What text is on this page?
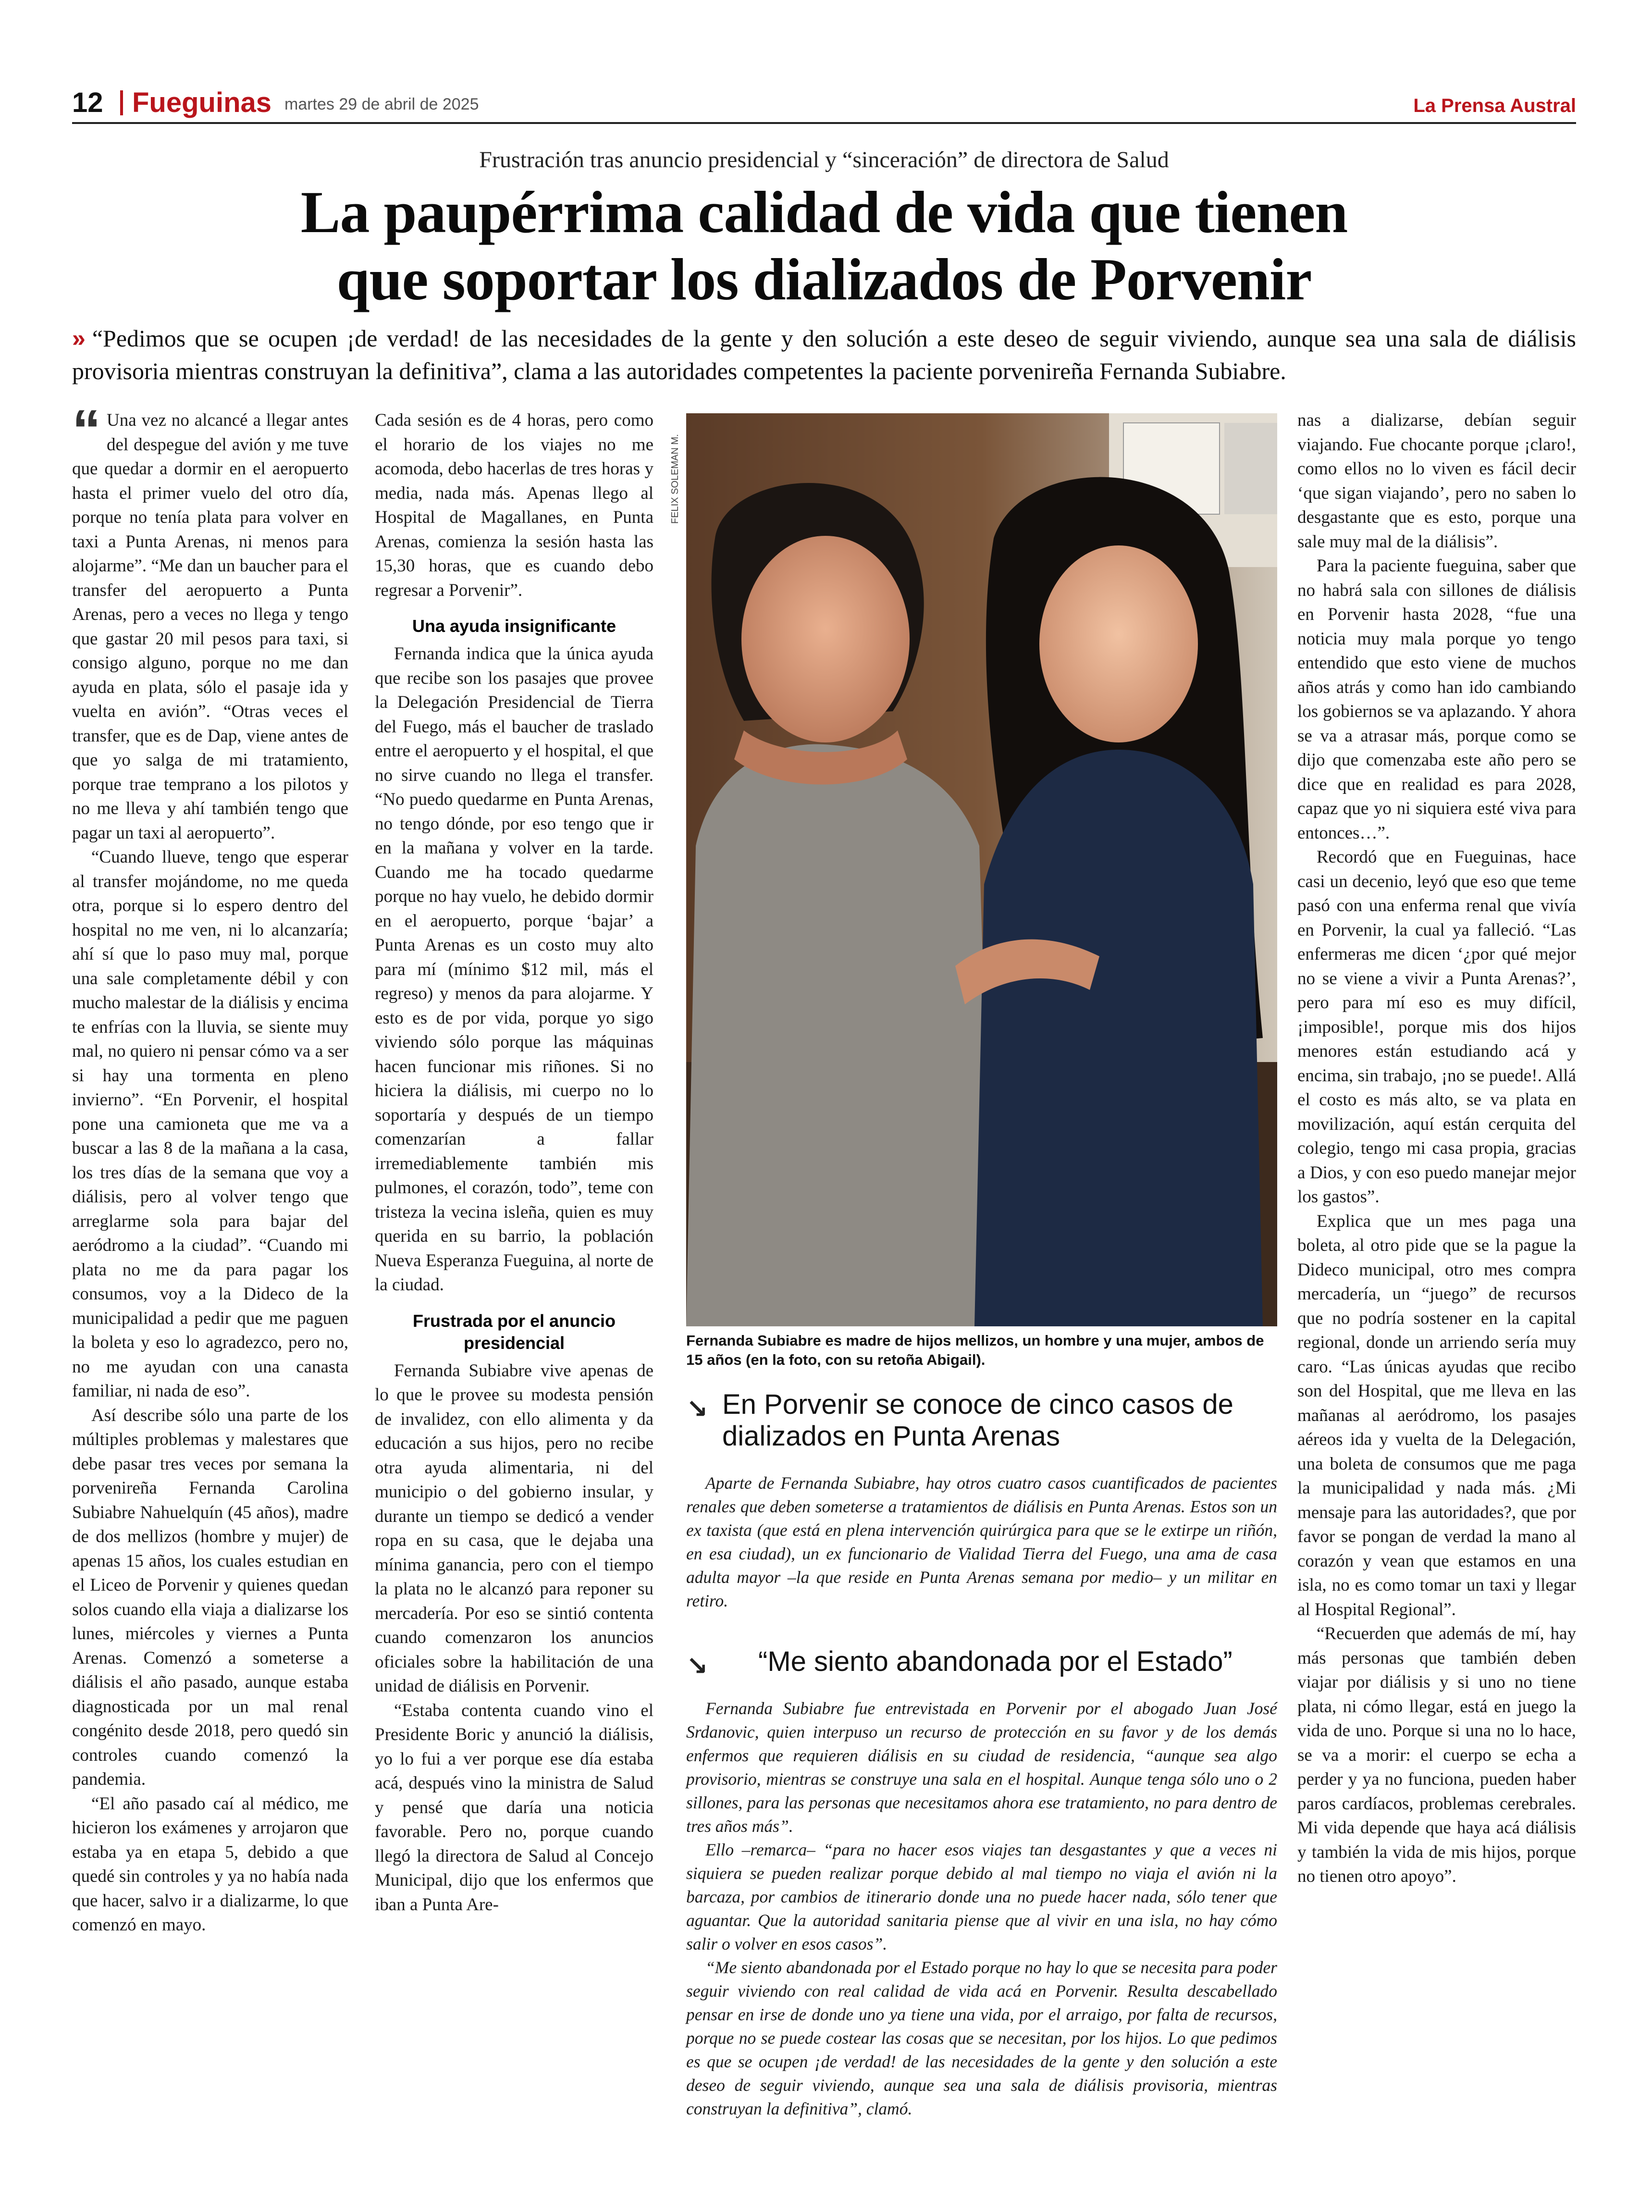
12 Fueguinas martes 29 de abril de 2025	La Prensa Austral
Frustración tras anuncio presidencial y “sinceración” de directora de Salud
La paupérrima calidad de vida que tienen
que soportar los dializados de Porvenir
» “Pedimos que se ocupen ¡de verdad! de las necesidades de la gente y den solución a este deseo de seguir viviendo, aunque sea una sala de diálisis provisoria mientras construyan la definitiva”, clama a las autoridades competentes la paciente porvenireña Fernanda Subiabre.

“ Una vez no alcancé a llegar antes del despegue del avión y me tuve que quedar a dormir en el aeropuerto hasta el primer vuelo del otro día, porque no tenía plata para volver en taxi a Punta Arenas, ni menos para alojarme”. “Me dan un baucher para el transfer del aeropuerto a Punta Arenas, pero a veces no llega y tengo que gastar 20 mil pesos para taxi, si consigo alguno, porque no me dan ayuda en plata, sólo el pasaje ida y vuelta en avión”. “Otras veces el transfer, que es de Dap, viene antes de que yo salga de mi tratamiento, porque trae temprano a los pilotos y no me lleva y ahí también tengo que pagar un taxi al aeropuerto”.

“Cuando llueve, tengo que esperar al transfer mojándome, no me queda otra, porque si lo espero dentro del hospital no me ven, ni lo alcanzaría; ahí sí que lo paso muy mal, porque una sale completamente débil y con mucho malestar de la diálisis y encima te enfrías con la lluvia, se siente muy mal, no quiero ni pensar cómo va a ser si hay una tormenta en pleno invierno”. “En Porvenir, el hospital pone una camioneta que me va a buscar a las 8 de la mañana a la casa, los tres días de la semana que voy a diálisis, pero al volver tengo que arreglarme sola para bajar del aeródromo a la ciudad”. “Cuando mi plata no me da para pagar los consumos, voy a la Dideco de la municipalidad a pedir que me paguen la boleta y eso lo agradezco, pero no, no me ayudan con una canasta familiar, ni nada de eso”.

Así describe sólo una parte de los múltiples problemas y malestares que debe pasar tres veces por semana la porvenireña Fernanda Carolina Subiabre Nahuelquín (45 años), madre de dos mellizos (hombre y mujer) de apenas 15 años, los cuales estudian en el Liceo de Porvenir y quienes quedan solos cuando ella viaja a dializarse los lunes, miércoles y viernes a Punta Arenas. Comenzó a someterse a diálisis el año pasado, aunque estaba diagnosticada por un mal renal congénito desde 2018, pero quedó sin controles cuando comenzó la pandemia.

“El año pasado caí al médico, me hicieron los exámenes y arrojaron que estaba ya en etapa 5, debido a que quedé sin controles y ya no había nada que hacer, salvo ir a dializarme, lo que comenzó en mayo.

Cada sesión es de 4 horas, pero como el horario de los viajes no me acomoda, debo hacerlas de tres horas y media, nada más. Apenas llego al Hospital de Magallanes, en Punta Arenas, comienza la sesión hasta las 15,30 horas, que es cuando debo regresar a Porvenir”.

Una ayuda insignificante

Fernanda indica que la única ayuda que recibe son los pasajes que provee la Delegación Presidencial de Tierra del Fuego, más el baucher de traslado entre el aeropuerto y el hospital, el que no sirve cuando no llega el transfer. “No puedo quedarme en Punta Arenas, no tengo dónde, por eso tengo que ir en la mañana y volver en la tarde. Cuando me ha tocado quedarme porque no hay vuelo, he debido dormir en el aeropuerto, porque ‘bajar’ a Punta Arenas es un costo muy alto para mí (mínimo $12 mil, más el regreso) y menos da para alojarme. Y esto es de por vida, porque yo sigo viviendo sólo porque las máquinas hacen funcionar mis riñones. Si no hiciera la diálisis, mi cuerpo no lo soportaría y después de un tiempo comenzarían a fallar irremediablemente también mis pulmones, el corazón, todo”, teme con tristeza la vecina isleña, quien es muy querida en su barrio, la población Nueva Esperanza Fueguina, al norte de la ciudad.

Frustrada por el anuncio presidencial

Fernanda Subiabre vive apenas de lo que le provee su modesta pensión de invalidez, con ello alimenta y da educación a sus hijos, pero no recibe otra ayuda alimentaria, ni del municipio o del gobierno insular, y durante un tiempo se dedicó a vender ropa en su casa, que le dejaba una mínima ganancia, pero con el tiempo la plata no le alcanzó para reponer su mercadería. Por eso se sintió contenta cuando comenzaron los anuncios oficiales sobre la habilitación de una unidad de diálisis en Porvenir.

“Estaba contenta cuando vino el Presidente Boric y anunció la diálisis, yo lo fui a ver porque ese día estaba acá, después vino la ministra de Salud y pensé que daría una noticia favorable. Pero no, porque cuando llegó la directora de Salud al Concejo Municipal, dijo que los enfermos que iban a Punta Are-

FELIX SOLEMAN M.
Fernanda Subiabre es madre de hijos mellizos, un hombre y una mujer, ambos de 15 años (en la foto, con su retoña Abigail).
↘ En Porvenir se conoce de cinco casos de dializados en Punta Arenas

Aparte de Fernanda Subiabre, hay otros cuatro casos cuantificados de pacientes renales que deben someterse a tratamientos de diálisis en Punta Arenas. Estos son un ex taxista (que está en plena intervención quirúrgica para que se le extirpe un riñón, en esa ciudad), un ex funcionario de Vialidad Tierra del Fuego, una ama de casa adulta mayor –la que reside en Punta Arenas semana por medio– y un militar en retiro.

↘	“Me siento abandonada por el Estado”

Fernanda Subiabre fue entrevistada en Porvenir por el abogado Juan José Srdanovic, quien interpuso un recurso de protección en su favor y de los demás enfermos que requieren diálisis en su ciudad de residencia, “aunque sea algo provisorio, mientras se construye una sala en el hospital. Aunque tenga sólo uno o 2 sillones, para las personas que necesitamos ahora ese tratamiento, no para dentro de tres años más”.

Ello –remarca– “para no hacer esos viajes tan desgastantes y que a veces ni siquiera se pueden realizar porque debido al mal tiempo no viaja el avión ni la barcaza, por cambios de itinerario donde una no puede hacer nada, sólo tener que aguantar. Que la autoridad sanitaria piense que al vivir en una isla, no hay cómo salir o volver en esos casos”.

“Me siento abandonada por el Estado porque no hay lo que se necesita para poder seguir viviendo con real calidad de vida acá en Porvenir. Resulta descabellado pensar en irse de donde uno ya tiene una vida, por el arraigo, por falta de recursos, porque no se puede costear las cosas que se necesitan, por los hijos. Lo que pedimos es que se ocupen ¡de verdad! de las necesidades de la gente y den solución a este deseo de seguir viviendo, aunque sea una sala de diálisis provisoria, mientras construyan la definitiva”, clamó.

nas a dializarse, debían seguir viajando. Fue chocante porque ¡claro!, como ellos no lo viven es fácil decir ‘que sigan viajando’, pero no saben lo desgastante que es esto, porque una sale muy mal de la diálisis”.

Para la paciente fueguina, saber que no habrá sala con sillones de diálisis en Porvenir hasta 2028, “fue una noticia muy mala porque yo tengo entendido que esto viene de muchos años atrás y como han ido cambiando los gobiernos se va aplazando. Y ahora se va a atrasar más, porque como se dijo que comenzaba este año pero se dice que en realidad es para 2028, capaz que yo ni siquiera esté viva para entonces…”.

Recordó que en Fueguinas, hace casi un decenio, leyó que eso que teme pasó con una enferma renal que vivía en Porvenir, la cual ya falleció. “Las enfermeras me dicen ‘¿por qué mejor no se viene a vivir a Punta Arenas?’, pero para mí eso es muy difícil, ¡imposible!, porque mis dos hijos menores están estudiando acá y encima, sin trabajo, ¡no se puede!. Allá el costo es más alto, se va plata en movilización, aquí están cerquita del colegio, tengo mi casa propia, gracias a Dios, y con eso puedo manejar mejor los gastos”.

Explica que un mes paga una boleta, al otro pide que se la pague la Dideco municipal, otro mes compra mercadería, un “juego” de recursos que no podría sostener en la capital regional, donde un arriendo sería muy caro. “Las únicas ayudas que recibo son del Hospital, que me lleva en las mañanas al aeródromo, los pasajes aéreos ida y vuelta de la Delegación, una boleta de consumos que me paga la municipalidad y nada más. ¿Mi mensaje para las autoridades?, que por favor se pongan de verdad la mano al corazón y vean que estamos en una isla, no es como tomar un taxi y llegar al Hospital Regional”.

“Recuerden que además de mí, hay más personas que también deben viajar por diálisis y si uno no tiene plata, ni cómo llegar, está en juego la vida de uno. Porque si una no lo hace, se va a morir: el cuerpo se echa a perder y ya no funciona, pueden haber paros cardíacos, problemas cerebrales. Mi vida depende que haya acá diálisis y también la vida de mis hijos, porque no tienen otro apoyo”.
